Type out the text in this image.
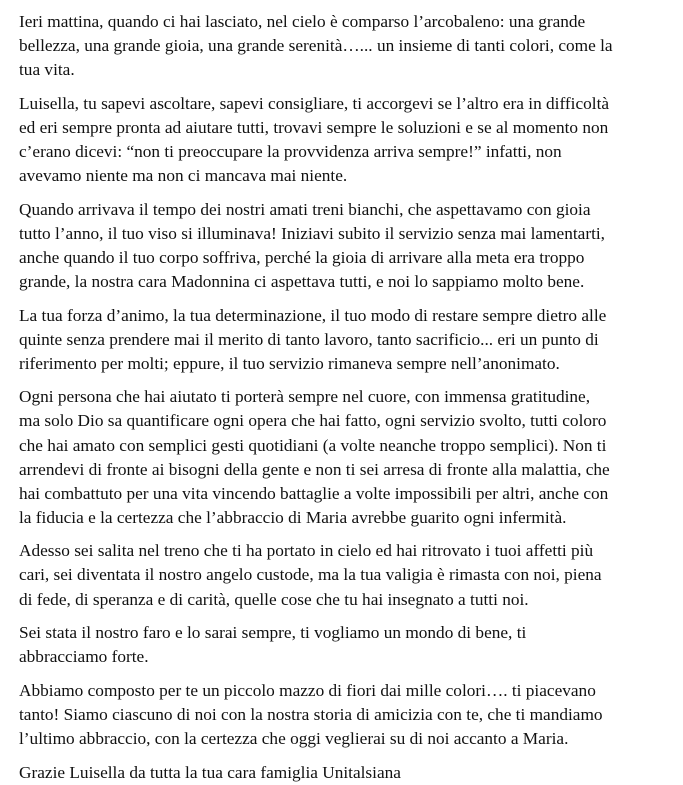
Ieri mattina, quando ci hai lasciato, nel cielo è comparso l’arcobaleno: una grande
bellezza, una grande gioia, una grande serenità…... un insieme di tanti colori, come la
tua vita.

Luisella, tu sapevi ascoltare, sapevi consigliare, ti accorgevi se l’altro era in difficoltà
ed eri sempre pronta ad aiutare tutti, trovavi sempre le soluzioni e se al momento non
c’erano dicevi: “non ti preoccupare la provvidenza arriva sempre!” infatti, non
avevamo niente ma non ci mancava mai niente.

Quando arrivava il tempo dei nostri amati treni bianchi, che aspettavamo con gioia
tutto l’anno, il tuo viso si illuminava! Iniziavi subito il servizio senza mai lamentarti,
anche quando il tuo corpo soffriva, perché la gioia di arrivare alla meta era troppo
grande, la nostra cara Madonnina ci aspettava tutti, e noi lo sappiamo molto bene.

La tua forza d’animo, la tua determinazione, il tuo modo di restare sempre dietro alle
quinte senza prendere mai il merito di tanto lavoro, tanto sacrificio... eri un punto di
riferimento per molti; eppure, il tuo servizio rimaneva sempre nell’anonimato.

Ogni persona che hai aiutato ti porterà sempre nel cuore, con immensa gratitudine,
ma solo Dio sa quantificare ogni opera che hai fatto, ogni servizio svolto, tutti coloro
che hai amato con semplici gesti quotidiani (a volte neanche troppo semplici). Non ti
arrendevi di fronte ai bisogni della gente e non ti sei arresa di fronte alla malattia, che
hai combattuto per una vita vincendo battaglie a volte impossibili per altri, anche con
la fiducia e la certezza che l’abbraccio di Maria avrebbe guarito ogni infermità.

Adesso sei salita nel treno che ti ha portato in cielo ed hai ritrovato i tuoi affetti più
cari, sei diventata il nostro angelo custode, ma la tua valigia è rimasta con noi, piena
di fede, di speranza e di carità, quelle cose che tu hai insegnato a tutti noi.

Sei stata il nostro faro e lo sarai sempre, ti vogliamo un mondo di bene, ti
abbracciamo forte.

Abbiamo composto per te un piccolo mazzo di fiori dai mille colori…. ti piacevano
tanto! Siamo ciascuno di noi con la nostra storia di amicizia con te, che ti mandiamo
l’ultimo abbraccio, con la certezza che oggi veglierai su di noi accanto a Maria.

Grazie Luisella da tutta la tua cara famiglia Unitalsiana
